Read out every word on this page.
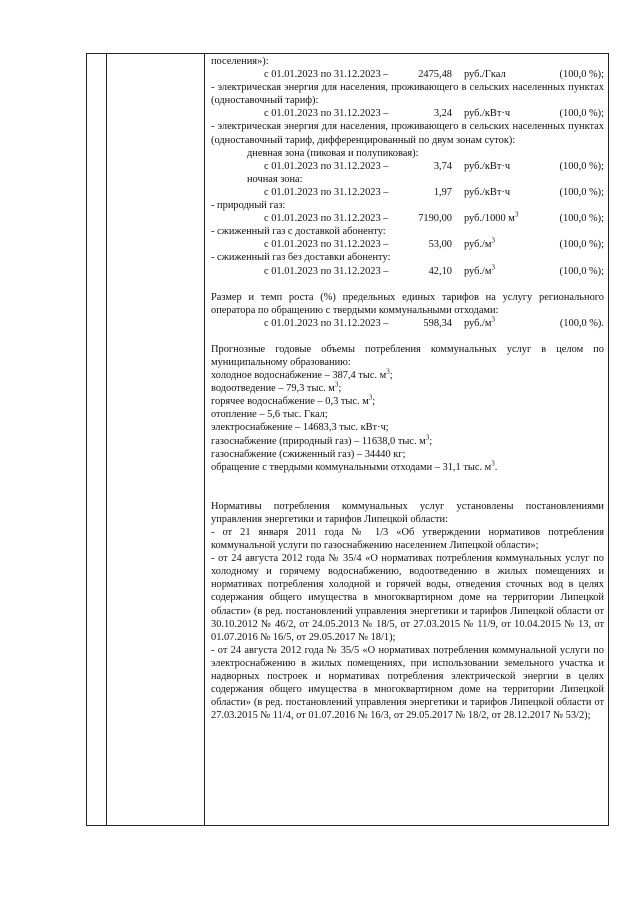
поселения»):
с 01.01.2023 по 31.12.2023 –	2475,48	руб./Гкал	(100,0 %);
- электрическая энергия для населения, проживающего в сельских населенных пунктах (одноставочный тариф):
с 01.01.2023 по 31.12.2023 –	3,24	руб./кВт·ч	(100,0 %);
- электрическая энергия для населения, проживающего в сельских населенных пунктах (одноставочный тариф, дифференцированный по двум зонам суток):
дневная зона (пиковая и полупиковая):
с 01.01.2023 по 31.12.2023 –	3,74	руб./кВт·ч	(100,0 %);
ночная зона:
с 01.01.2023 по 31.12.2023 –	1,97	руб./кВт·ч	(100,0 %);
- природный газ:
с 01.01.2023 по 31.12.2023 –	7190,00	руб./1000 $м^3$	(100,0 %);
- сжиженный газ с доставкой абоненту:
с 01.01.2023 по 31.12.2023 –	53,00	$руб./м^3$	(100,0 %);
- сжиженный газ без доставки абоненту:
с 01.01.2023 по 31.12.2023 –	42,10	$руб./м^3$	(100,0 %);
Размер и темп роста (%) предельных единых тарифов на услугу регионального оператора по обращению с твердыми коммунальными отходами:
с 01.01.2023 по 31.12.2023 –	598,34	$руб./м^3$	(100,0 %).
Прогнозные годовые объемы потребления коммунальных услуг в целом по муниципальному образованию:
холодное водоснабжение – 387,4 тыс. $м^3$;
водоотведение – 79,3 тыс. $м^3$;
горячее водоснабжение – 0,3 тыс. $м^3$;
отопление – 5,6 тыс. Гкал;
электроснабжение – 14683,3 тыс. кВт·ч;
газоснабжение (природный газ) – 11638,0 тыс. $м^3$;
газоснабжение (сжиженный газ) – 34440 кг;
обращение с твердыми коммунальными отходами – 31,1 тыс. $м^3$.
Нормативы потребления коммунальных услуг установлены постановлениями управления энергетики и тарифов Липецкой области:
- от 21 января 2011 года № 1/3 «Об утверждении нормативов потребления коммунальной услуги по газоснабжению населением Липецкой области»;
- от 24 августа 2012 года № 35/4 «О нормативах потребления коммунальных услуг по холодному и горячему водоснабжению, водоотведению в жилых помещениях и нормативах потребления холодной и горячей воды, отведения сточных вод в целях содержания общего имущества в многоквартирном доме на территории Липецкой области» (в ред. постановлений управления энергетики и тарифов Липецкой области от 30.10.2012 № 46/2, от 24.05.2013 № 18/5, от 27.03.2015 № 11/9, от 10.04.2015 № 13, от 01.07.2016 № 16/5, от 29.05.2017 № 18/1);
- от 24 августа 2012 года № 35/5 «О нормативах потребления коммунальной услуги по электроснабжению в жилых помещениях, при использовании земельного участка и надворных построек и нормативах потребления электрической энергии в целях содержания общего имущества в многоквартирном доме на территории Липецкой области» (в ред. постановлений управления энергетики и тарифов Липецкой области от 27.03.2015 № 11/4, от 01.07.2016 № 16/3, от 29.05.2017 № 18/2, от 28.12.2017 № 53/2);
